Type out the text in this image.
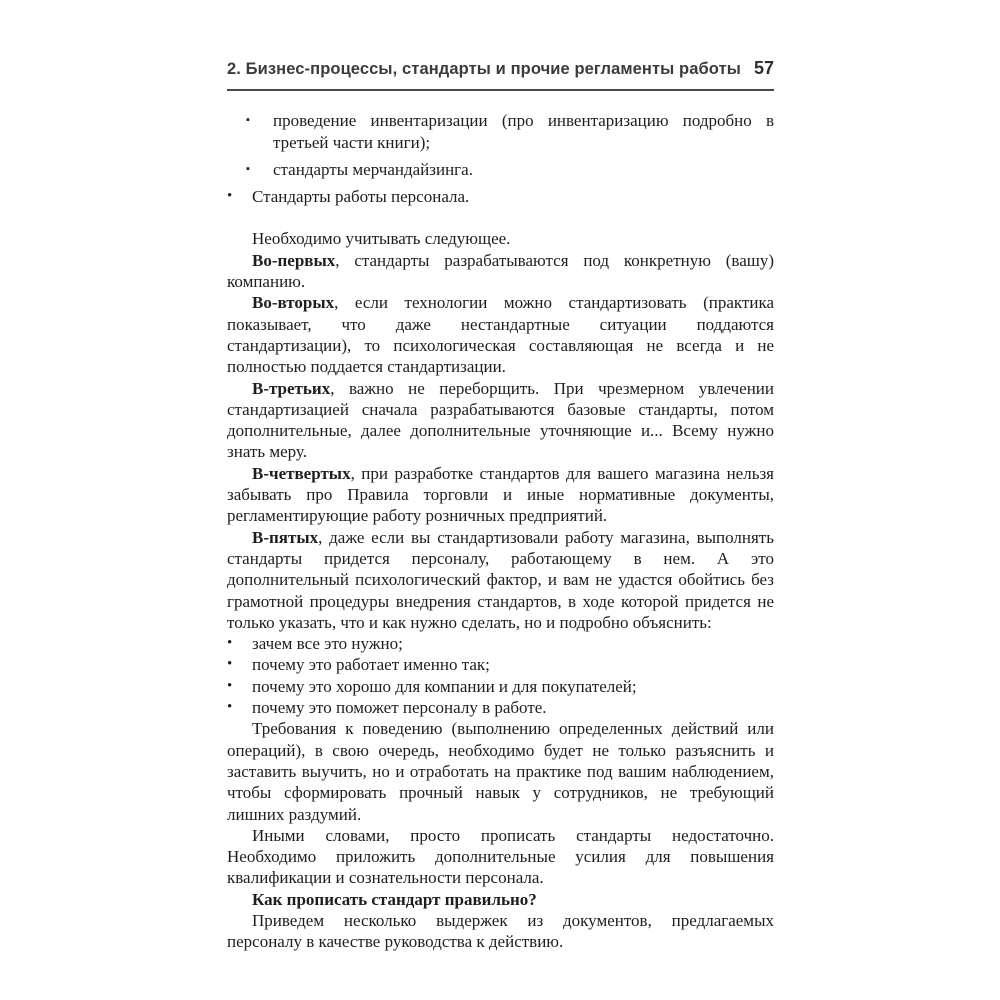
2. Бизнес-процессы, стандарты и прочие регламенты работы 57
▪	проведение инвентаризации (про инвентаризацию подробно в третьей части книги);
▪	стандарты мерчандайзинга.
•	Стандарты работы персонала.

Необходимо учитывать следующее.

Во-первых, стандарты разрабатываются под конкретную (вашу) компанию.

Во-вторых, если технологии можно стандартизовать (практика показывает, что даже нестандартные ситуации поддаются стандартизации), то психологическая составляющая не всегда и не полностью поддается стандартизации.

В-третьих, важно не переборщить. При чрезмерном увлечении стандартизацией сначала разрабатываются базовые стандарты, потом дополнительные, далее дополнительные уточняющие и... Всему нужно знать меру.

В-четвертых, при разработке стандартов для вашего магазина нельзя забывать про Правила торговли и иные нормативные документы, регламентирующие работу розничных предприятий.

В-пятых, даже если вы стандартизовали работу магазина, выполнять стандарты придется персоналу, работающему в нем. А это дополнительный психологический фактор, и вам не удастся обойтись без грамотной процедуры внедрения стандартов, в ходе которой придется не только указать, что и как нужно сделать, но и подробно объяснить:

•	зачем все это нужно;
•	почему это работает именно так;
•	почему это хорошо для компании и для покупателей;
•	почему это поможет персоналу в работе.

Требования к поведению (выполнению определенных действий или операций), в свою очередь, необходимо будет не только разъяснить и заставить выучить, но и отработать на практике под вашим наблюдением, чтобы сформировать прочный навык у сотрудников, не требующий лишних раздумий.

Иными словами, просто прописать стандарты недостаточно. Необходимо приложить дополнительные усилия для повышения квалификации и сознательности персонала.

Как прописать стандарт правильно?

Приведем несколько выдержек из документов, предлагаемых персоналу в качестве руководства к действию.
